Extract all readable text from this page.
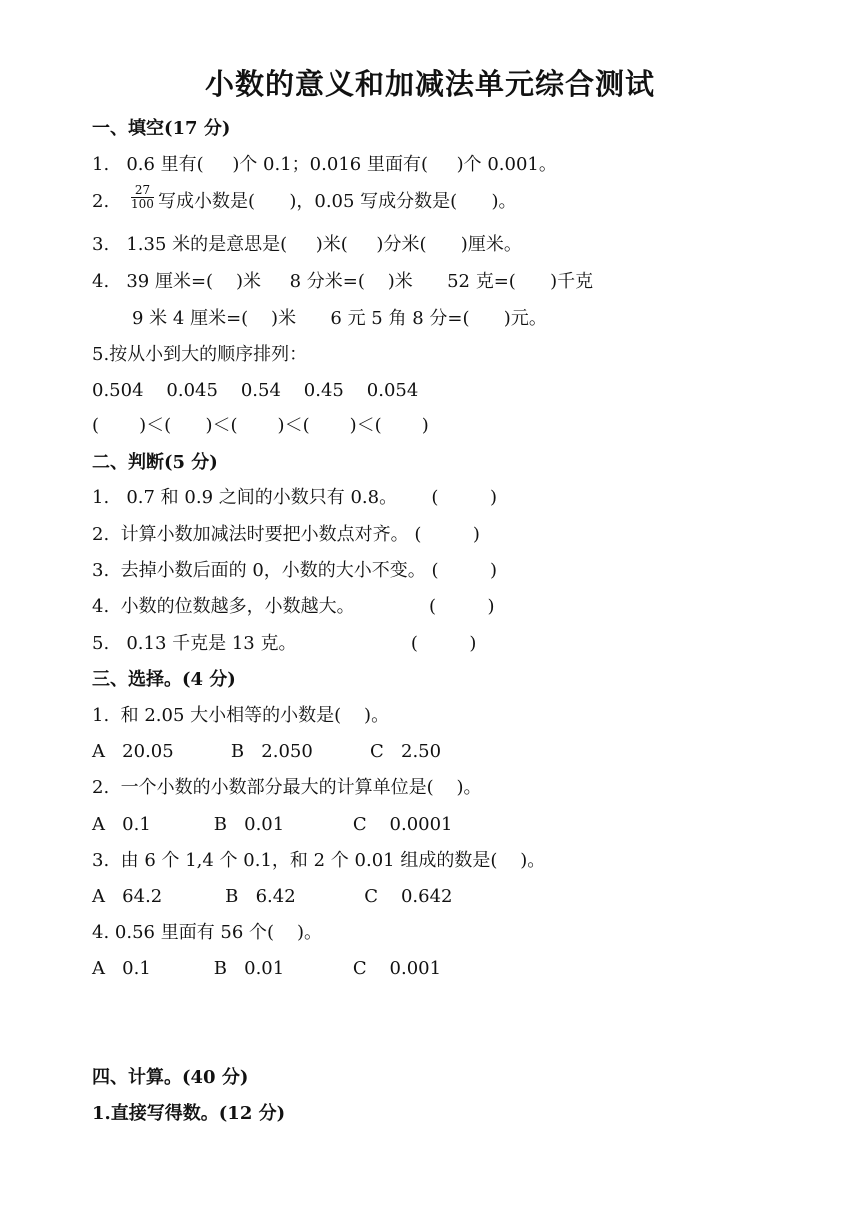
小数的意义和加减法单元综合测试
一、填空(17 分)
1.   0.6 里有(     )个 0.1；0.016 里面有(     )个 0.001。
2. $\frac{27}{100}$ 写成小数是(      )，0.05 写成分数是(      )。
3.   1.35 米的是意思是(     )米(     )分米(      )厘米。
4.   39 厘米=(    )米     8 分米=(    )米      52 克=(      )千克
9 米 4 厘米=(    )米      6 元 5 角 8 分=(      )元。
5.按从小到大的顺序排列：
0.504    0.045    0.54    0.45    0.054
(       )＜(      )＜(       )＜(       )＜(       )
二、判断(5 分)
1.   0.7 和 0.9 之间的小数只有 0.8。      (         )
2.  计算小数加减法时要把小数点对齐。 (         )
3.  去掉小数后面的 0，小数的大小不变。 (         )
4.  小数的位数越多，小数越大。             (         )
5.   0.13 千克是 13 克。                    (         )
三、选择。(4 分)
1.  和 2.05 大小相等的小数是(    )。
A   20.05          B   2.050          C   2.50
2.  一个小数的小数部分最大的计算单位是(    )。
A   0.1           B   0.01            C    0.0001
3.  由 6 个 1,4 个 0.1，和 2 个 0.01 组成的数是(    )。
A   64.2           B   6.42            C    0.642
4. 0.56 里面有 56 个(    )。
A   0.1           B   0.01            C    0.001
四、计算。(40 分)
1.直接写得数。(12 分)
